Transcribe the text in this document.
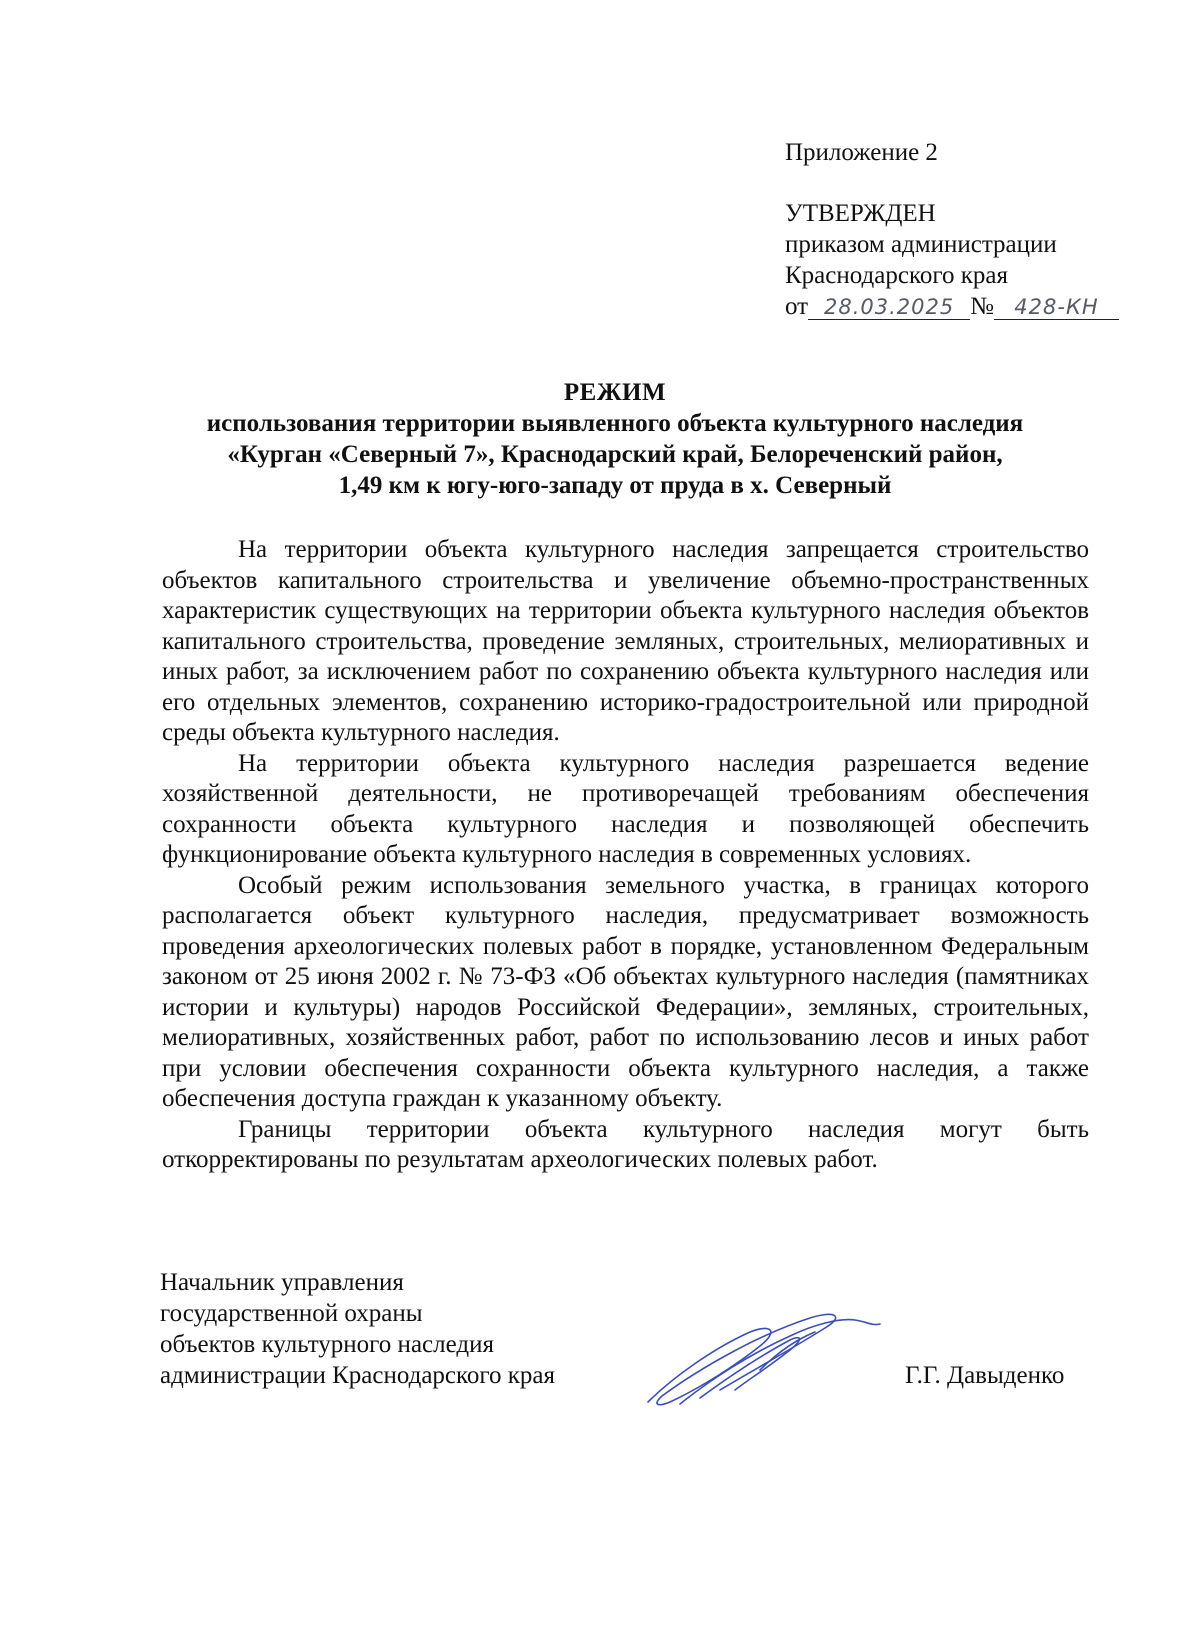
Приложение 2
УТВЕРЖДЕН
приказом администрации
Краснодарского края
от 28.03.2025 № 428-КН
РЕЖИМ
использования территории выявленного объекта культурного наследия
«Курган «Северный 7», Краснодарский край, Белореченский район,
1,49 км к югу-юго-западу от пруда в х. Северный

На территории объекта культурного наследия запрещается строительство объектов капитального строительства и увеличение объемно-пространственных характеристик существующих на территории объекта культурного наследия объектов капитального строительства, проведение земляных, строительных, мелиоративных и иных работ, за исключением работ по сохранению объекта культурного наследия или его отдельных элементов, сохранению историко-градостроительной или природной среды объекта культурного наследия.

На территории объекта культурного наследия разрешается ведение хозяйственной деятельности, не противоречащей требованиям обеспечения сохранности объекта культурного наследия и позволяющей обеспечить функционирование объекта культурного наследия в современных условиях.

Особый режим использования земельного участка, в границах которого располагается объект культурного наследия, предусматривает возможность проведения археологических полевых работ в порядке, установленном Федеральным законом от 25 июня 2002 г. № 73-ФЗ «Об объектах культурного наследия (памятниках истории и культуры) народов Российской Федерации», земляных, строительных, мелиоративных, хозяйственных работ, работ по использованию лесов и иных работ при условии обеспечения сохранности объекта культурного наследия, а также обеспечения доступа граждан к указанному объекту.

Границы территории объекта культурного наследия могут быть откорректированы по результатам археологических полевых работ.

Начальник управления
государственной охраны
объектов культурного наследия
администрации Краснодарского края	Г.Г. Давыденко
